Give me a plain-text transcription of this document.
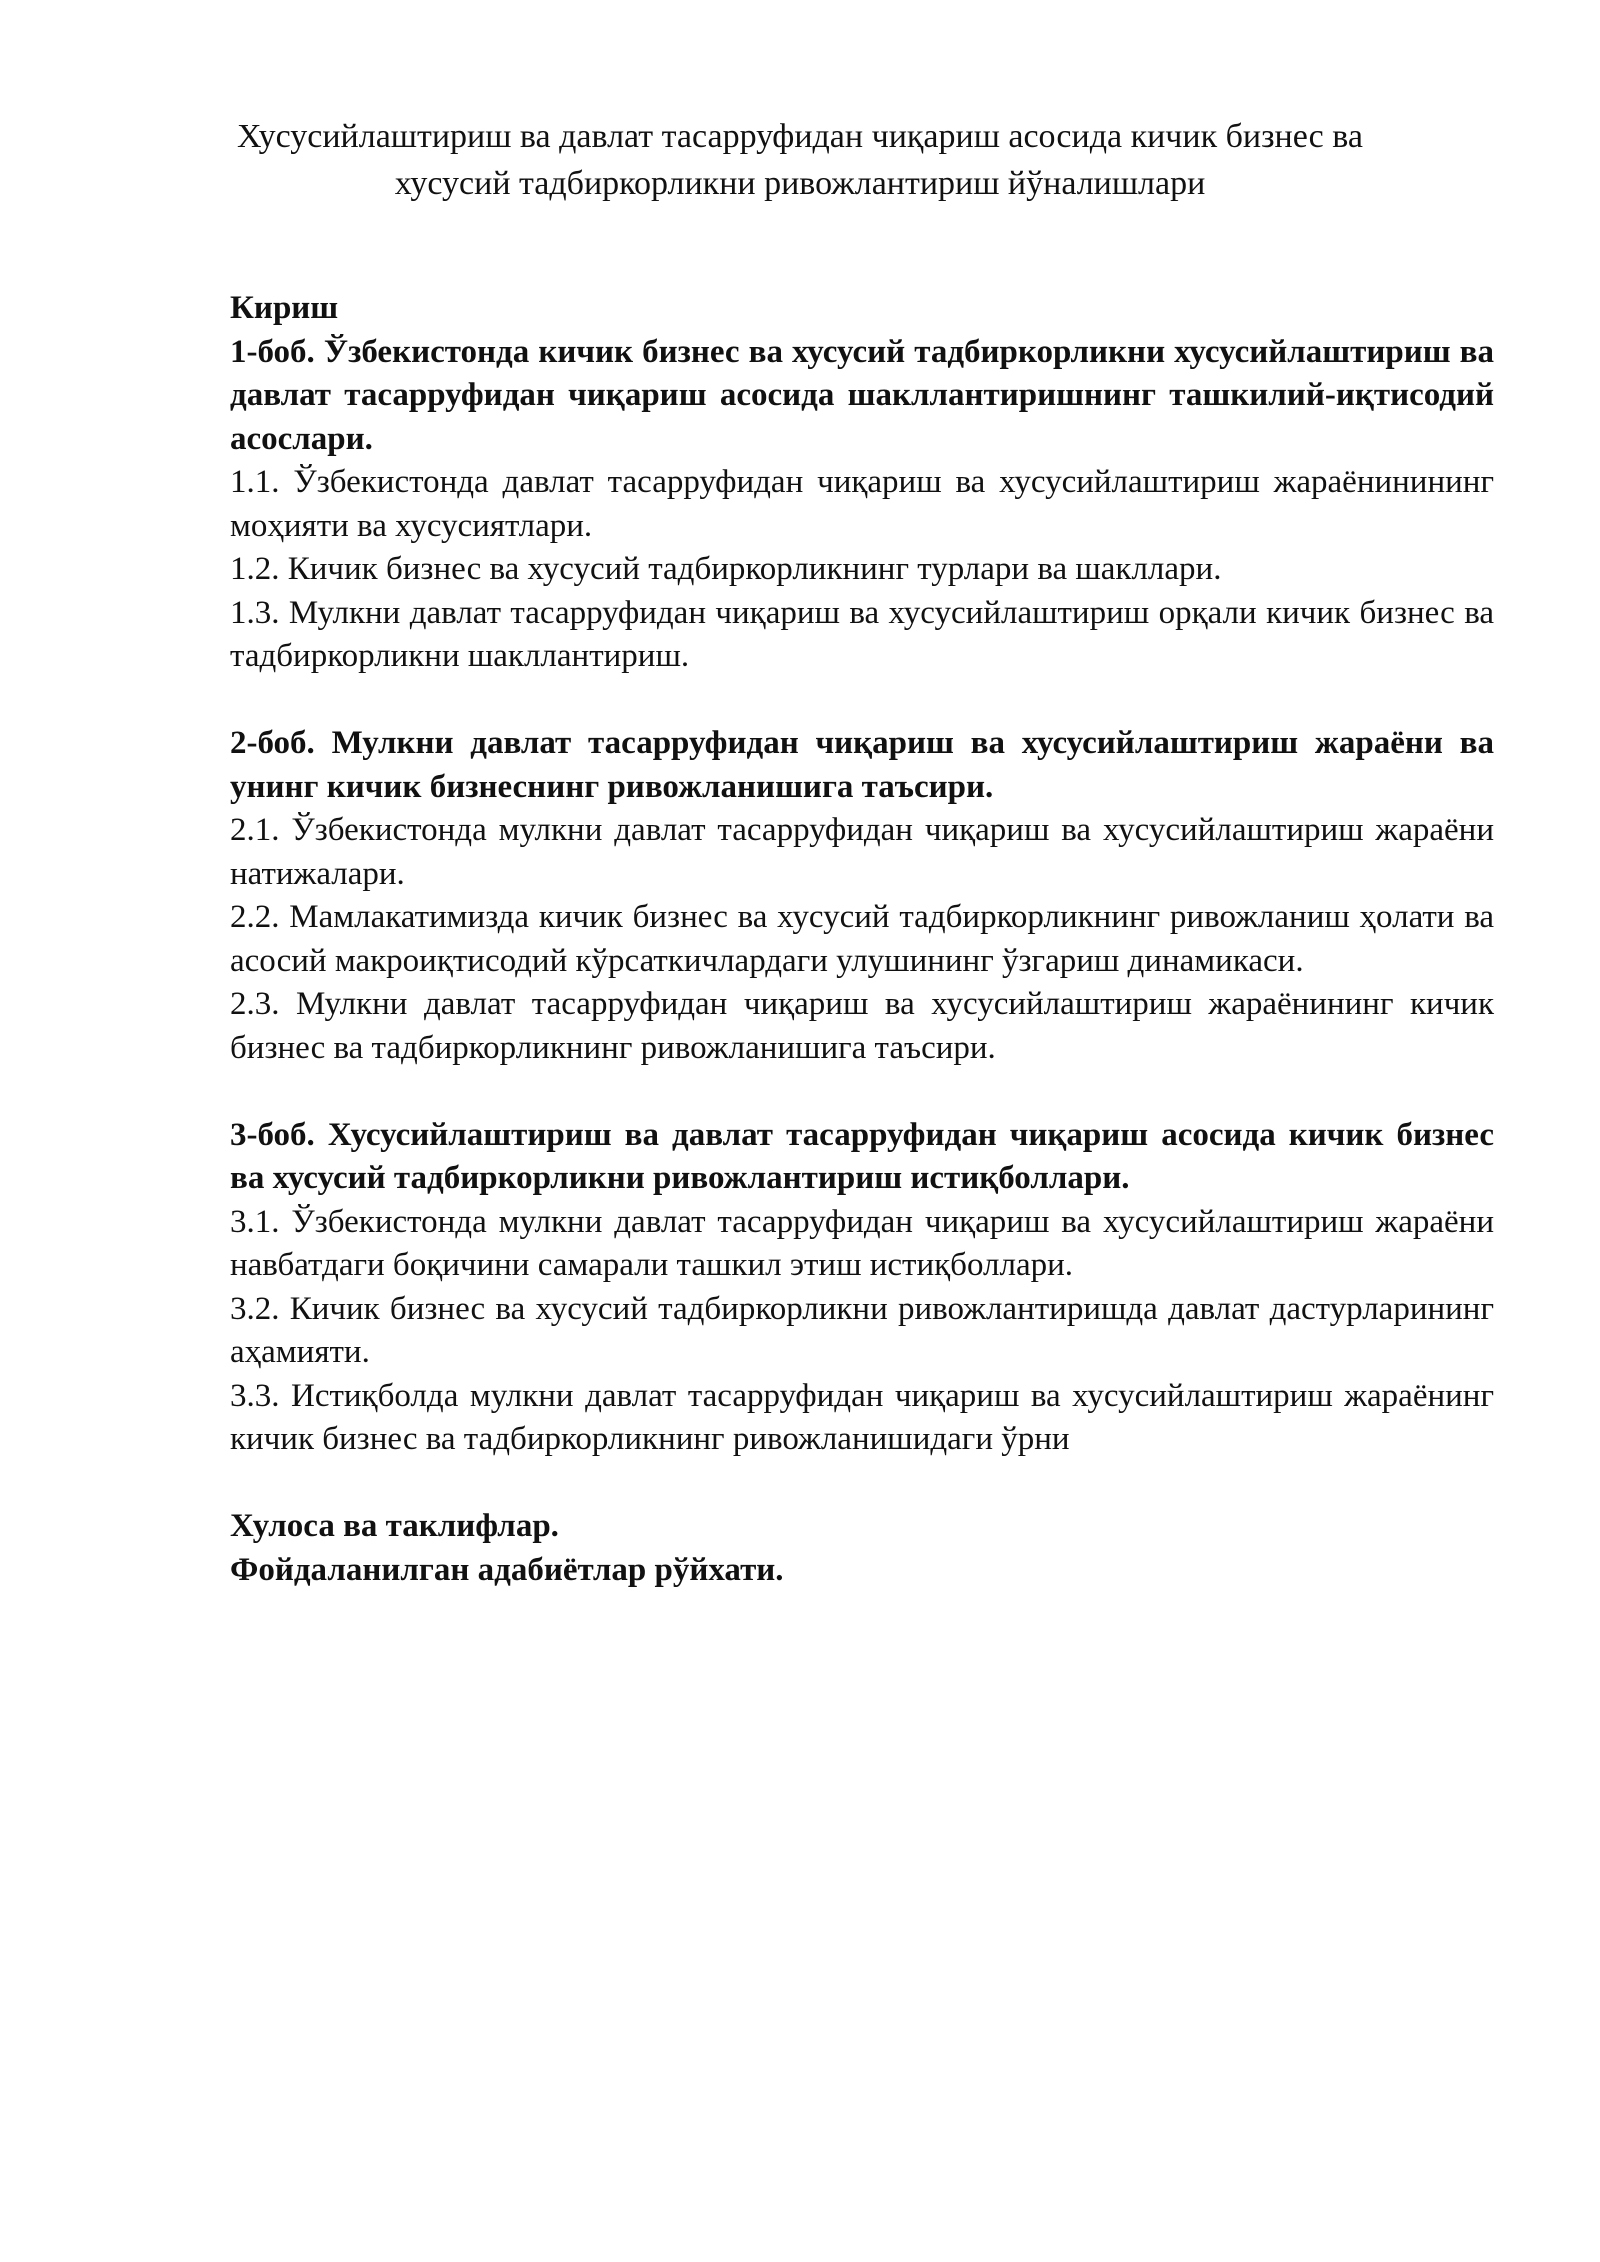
Хусусийлаштириш ва давлат тасарруфидан чиқариш асосида кичик бизнес ва
хусусий тадбиркорликни ривожлантириш йўналишлари

Кириш

1-боб. Ўзбекистонда кичик бизнес ва хусусий тадбиркорликни хусусийлаштириш ва давлат тасарруфидан чиқариш асосида шакллантиришнинг ташкилий-иқтисодий асослари.

1.1. Ўзбекистонда давлат тасарруфидан чиқариш ва хусусийлаштириш жараёнинининг моҳияти ва хусусиятлари.

1.2. Кичик бизнес ва хусусий тадбиркорликнинг турлари ва шакллари.

1.3. Мулкни давлат тасарруфидан чиқариш ва хусусийлаштириш орқали кичик бизнес ва тадбиркорликни шакллантириш.

2-боб. Мулкни давлат тасарруфидан чиқариш ва хусусийлаштириш жараёни ва унинг кичик бизнеснинг ривожланишига таъсири.

2.1. Ўзбекистонда мулкни давлат тасарруфидан чиқариш ва хусусийлаштириш жараёни натижалари.

2.2. Мамлакатимизда кичик бизнес ва хусусий тадбиркорликнинг ривожланиш ҳолати ва асосий макроиқтисодий кўрсаткичлардаги улушининг ўзгариш динамикаси.

2.3. Мулкни давлат тасарруфидан чиқариш ва хусусийлаштириш жараёнининг кичик бизнес ва тадбиркорликнинг ривожланишига таъсири.

3-боб. Хусусийлаштириш ва давлат тасарруфидан чиқариш асосида кичик бизнес ва хусусий тадбиркорликни ривожлантириш истиқболлари.

3.1. Ўзбекистонда мулкни давлат тасарруфидан чиқариш ва хусусийлаштириш жараёни навбатдаги боқичини самарали ташкил этиш истиқболлари.

3.2. Кичик бизнес ва хусусий тадбиркорликни ривожлантиришда давлат дастурларининг аҳамияти.

3.3. Истиқболда мулкни давлат тасарруфидан чиқариш ва хусусийлаштириш жараёнинг кичик бизнес ва тадбиркорликнинг ривожланишидаги ўрни

Хулоса ва таклифлар.

Фойдаланилган адабиётлар рўйхати.
